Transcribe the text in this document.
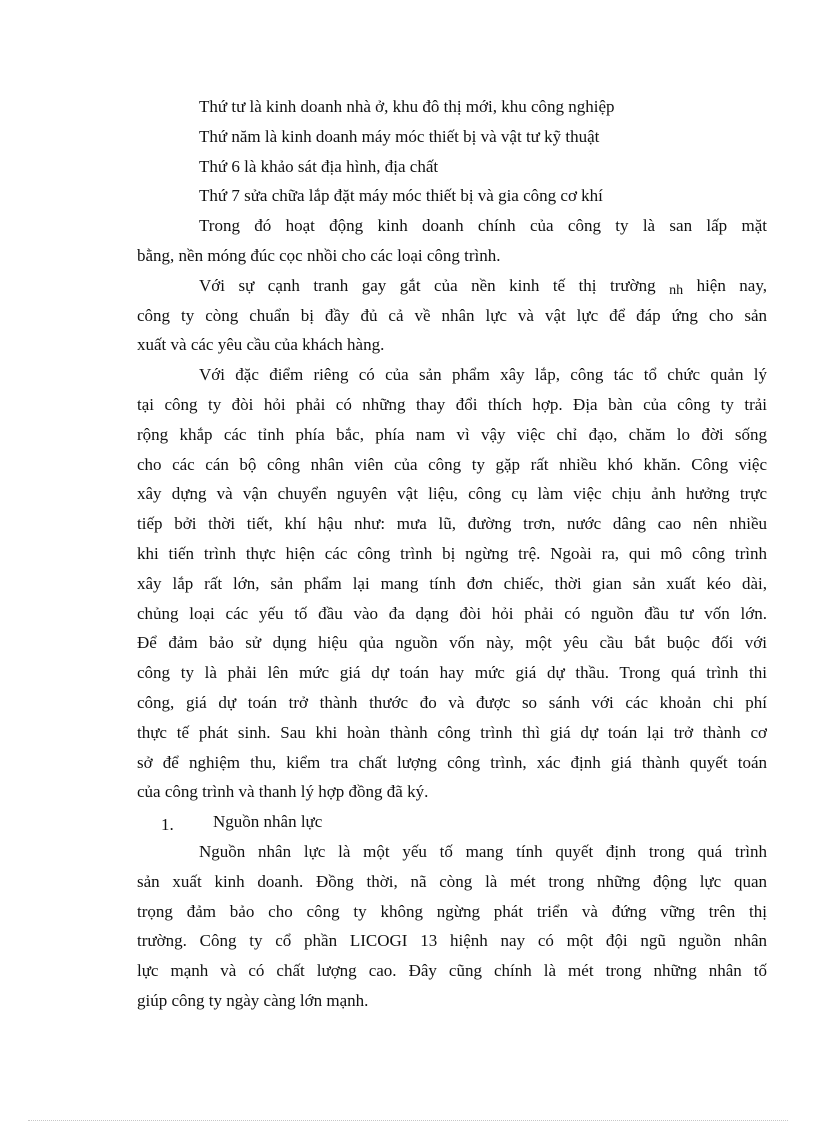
Thứ tư là kinh doanh nhà ở, khu đô thị mới, khu công nghiệp
Thứ năm là kinh doanh máy móc thiết bị và vật tư kỹ thuật
Thứ 6 là khảo sát địa hình, địa chất
Thứ 7 sửa chữa lắp đặt máy móc thiết bị và gia công cơ khí
Trong đó hoạt động kinh doanh chính của công ty là san lấp mặt
bằng, nền móng đúc cọc nhồi cho các loại công trình.
Với sự cạnh tranh gay gắt của nền kinh tế thị trường nh hiện nay,
công ty còng chuẩn bị đầy đủ cả về nhân lực và vật lực để đáp ứng cho sản
xuất và các yêu cầu của khách hàng.
Với đặc điểm riêng có của sản phẩm xây lắp, công tác tổ chức quản lý
tại công ty đòi hỏi phải có những thay đổi thích hợp. Địa bàn của công ty trải
rộng khắp các tỉnh phía bắc, phía nam vì vậy việc chỉ đạo, chăm lo đời sống
cho các cán bộ công nhân viên của công ty gặp rất nhiều khó khăn. Công việc
xây dựng và vận chuyển nguyên vật liệu, công cụ làm việc chịu ảnh hưởng trực
tiếp bởi thời tiết, khí hậu như: mưa lũ, đường trơn, nước dâng cao nên nhiều
khi tiến trình thực hiện các công trình bị ngừng trệ. Ngoài ra, qui mô công trình
xây lắp rất lớn, sản phẩm lại mang tính đơn chiếc, thời gian sản xuất kéo dài,
chủng loại các yếu tố đầu vào đa dạng đòi hỏi phải có nguồn đầu tư vốn lớn.
Để đảm bảo sử dụng hiệu qủa nguồn vốn này, một yêu cầu bắt buộc đối với
công ty là phải lên mức giá dự toán hay mức giá dự thầu. Trong quá trình thi
công, giá dự toán trở thành thước đo và được so sánh với các khoản chi phí
thực tế phát sinh. Sau khi hoàn thành công trình thì giá dự toán lại trở thành cơ
sở để nghiệm thu, kiểm tra chất lượng công trình, xác định giá thành quyết toán
của công trình và thanh lý hợp đồng đã ký.
1. Nguồn nhân lực
Nguồn nhân lực là một yếu tố mang tính quyết định trong quá trình
sản xuất kinh doanh. Đồng thời, nã còng là mét trong những động lực quan
trọng đảm bảo cho công ty không ngừng phát triển và đứng vững trên thị
trường. Công ty cổ phần LICOGI 13 hiệnh nay có một đội ngũ nguồn nhân
lực mạnh và có chất lượng cao. Đây cũng chính là mét trong những nhân tố
giúp công ty ngày càng lớn mạnh.
